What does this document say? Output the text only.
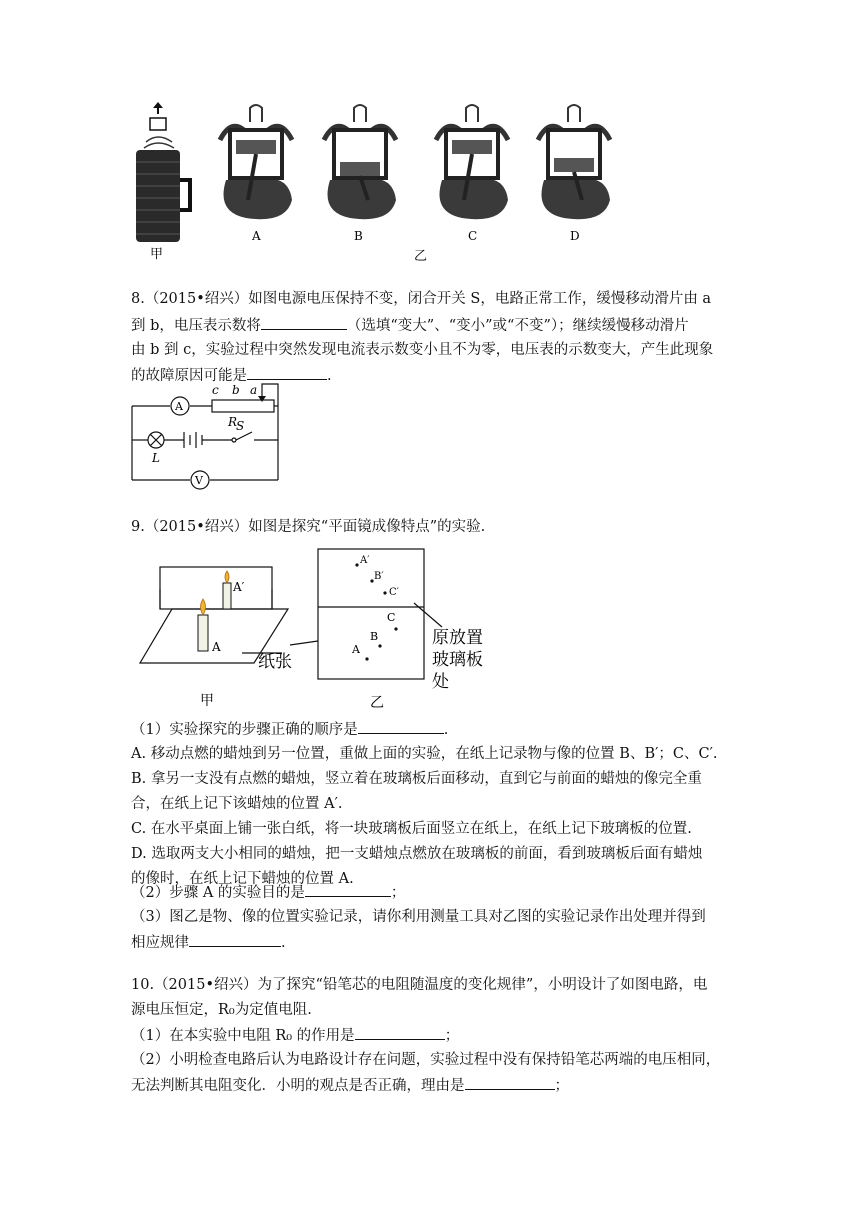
甲
A	B	C	D
乙
8.（2015•绍兴）如图电源电压保持不变，闭合开关 S，电路正常工作，缓慢移动滑片由 a
到 b，电压表示数将	（选填“变大”、“变小”或“不变”）；继续缓慢移动滑片
由 b 到 c，实验过程中突然发现电流表示数变小且不为零，电压表的示数变大，产生此现象
的故障原因可能是	.
A
V
L
S
R
c b a
9.（2015•绍兴）如图是探究“平面镜成像特点”的实验.
A
A′
甲
A′
B′
C′
A
B
C
纸张
原放置
玻璃板
处
乙
（1）实验探究的步骤正确的顺序是	.
A. 移动点燃的蜡烛到另一位置，重做上面的实验，在纸上记录物与像的位置 B、B′；C、C′.
B. 拿另一支没有点燃的蜡烛，竖立着在玻璃板后面移动，直到它与前面的蜡烛的像完全重
合，在纸上记下该蜡烛的位置 A′.
C. 在水平桌面上铺一张白纸，将一块玻璃板后面竖立在纸上，在纸上记下玻璃板的位置.
D. 选取两支大小相同的蜡烛，把一支蜡烛点燃放在玻璃板的前面，看到玻璃板后面有蜡烛
的像时，在纸上记下蜡烛的位置 A.
（2）步骤 A 的实验目的是	；
（3）图乙是物、像的位置实验记录，请你利用测量工具对乙图的实验记录作出处理并得到
相应规律	.
10.（2015•绍兴）为了探究“铅笔芯的电阻随温度的变化规律”，小明设计了如图电路，电
源电压恒定，R₀为定值电阻.
（1）在本实验中电阻 R₀ 的作用是	；
（2）小明检查电路后认为电路设计存在问题，实验过程中没有保持铅笔芯两端的电压相同，
无法判断其电阻变化．小明的观点是否正确，理由是	；
